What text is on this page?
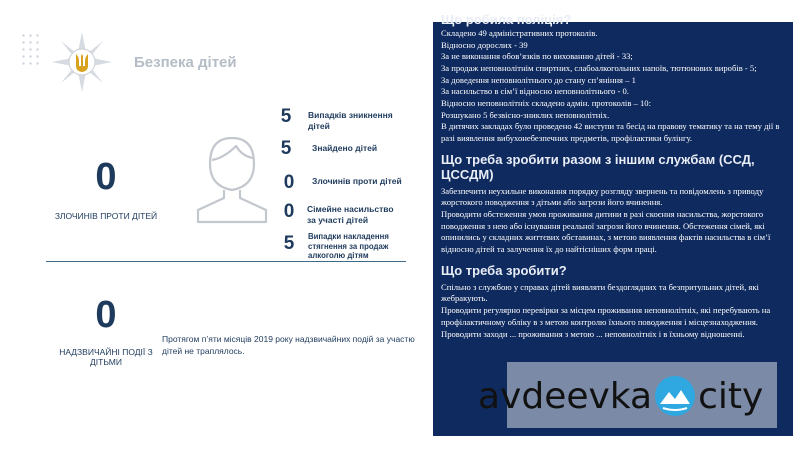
Безпека дітей
0
ЗЛОЧИНІВ ПРОТИ ДІТЕЙ
5	Випадків зникнення дітей
5	Знайдено дітей
0	Злочинів проти дітей
0	Сімейне насильство за участі дітей
5	Випадки накладення стягнення за продаж алкоголю дітям
0
НАДЗВИЧАЙНІ ПОДІЇ З ДІТЬМИ
Протягом п’яти місяців 2019 року надзвичайних подій за участю дітей не траплялось.
Що робила поліція?

Складено 49 адміністративних протоколів.

Відносно дорослих - 39

За не виконання обов’язків по вихованню дітей - 33;

За продаж неповнолітнім спиртних, слабоалкогольних напоїв, тютюнових виробів - 5;

За доведення неповнолітнього до стану сп’яніння – 1

За насильство в сім’ї відносно неповнолітнього - 0.

Відносно неповнолітніх складено адмін. протоколів – 10:

Розшукано 5 безвісно-зниклих неповнолітніх.

В дитячих закладах було проведено 42 виступи та бесід на правову тематику та на тему дії в разі виявлення вибухонебезпечних предметів, профілактики булінгу.

Що треба зробити разом з іншим службам (ССД, ЦССДМ)

Забезпечити неухильне виконання порядку розгляду звернень та повідомлень з приводу жорстокого поводження з дітьми або загрози його вчинення.

Проводити обстеження умов проживання дитини в разі скоєння насильства, жорстокого поводження з нею або існування реальної загрози його вчинення. Обстеження сімей, які опинились у складних життєвих обставинах, з метою виявлення фактів насильства в сім’ї відносно дітей та залучення їх до найтісніших форм праці.

Що треба зробити?

Спільно з службою у справах дітей виявляти бездоглядних та безпритульних дітей, які жебракують.

Проводити регулярно перевірки за місцем проживання неповнолітніх, які перебувають на профілактичному обліку в з метою контролю їхнього поводження і місцезнаходження.

Проводити заходи ... проживання з метою ... неповнолітніх і в їхньому відношенні.

avdeevka city
